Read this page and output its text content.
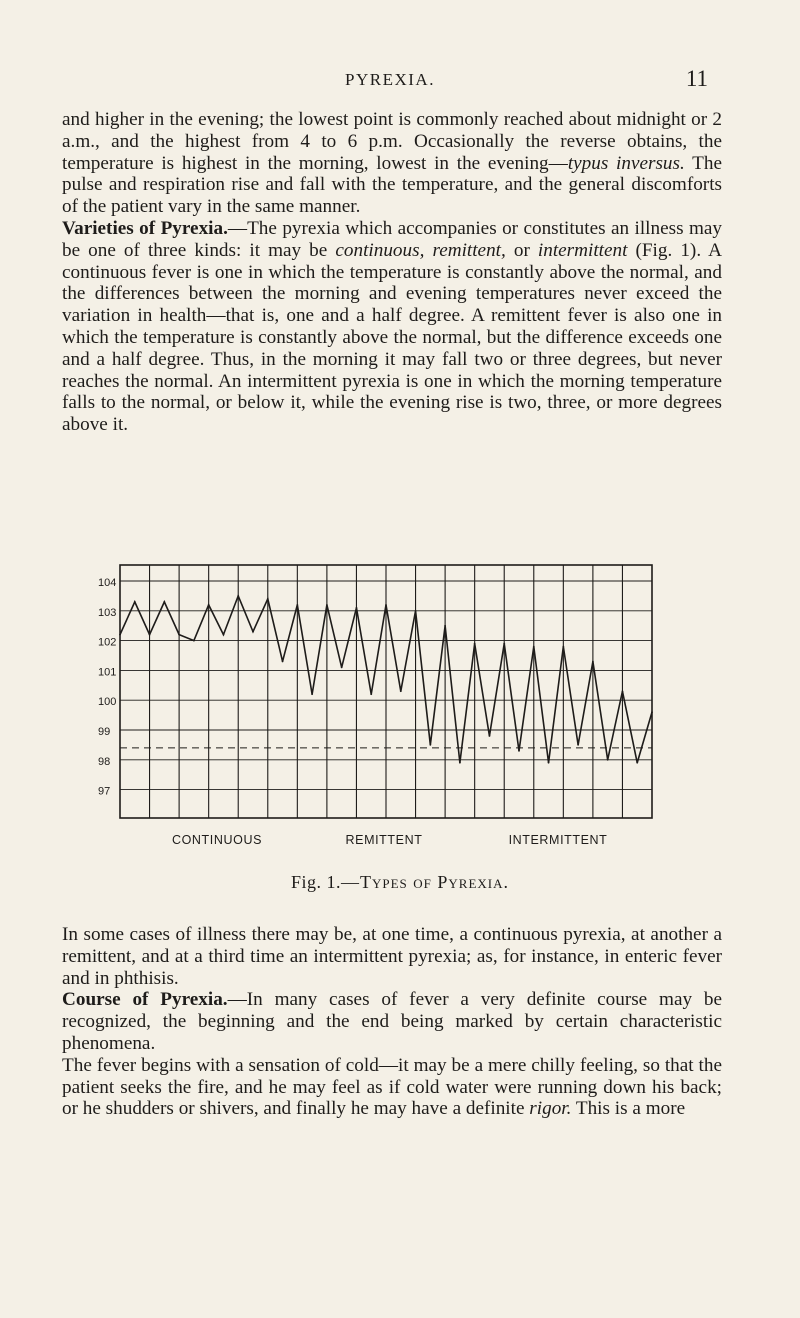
PYREXIA.	11

and higher in the evening; the lowest point is commonly reached about midnight or 2 a.m., and the highest from 4 to 6 p.m. Occasionally the reverse obtains, the temperature is highest in the morning, lowest in the evening—typus inversus. The pulse and respiration rise and fall with the temperature, and the general discomforts of the patient vary in the same manner.

Varieties of Pyrexia.—The pyrexia which accompanies or constitutes an illness may be one of three kinds: it may be continuous, remittent, or intermittent (Fig. 1). A continuous fever is one in which the temperature is constantly above the normal, and the differences between the morning and evening temperatures never exceed the variation in health—that is, one and a half degree. A remittent fever is also one in which the temperature is constantly above the normal, but the difference exceeds one and a half degree. Thus, in the morning it may fall two or three degrees, but never reaches the normal. An intermittent pyrexia is one in which the morning temperature falls to the normal, or below it, while the evening rise is two, three, or more degrees above it.

104
103
102
101
100
99
98
97
CONTINUOUS	REMITTENT	INTERMITTENT
Fig. 1.—Types of Pyrexia.

In some cases of illness there may be, at one time, a continuous pyrexia, at another a remittent, and at a third time an intermittent pyrexia; as, for instance, in enteric fever and in phthisis.

Course of Pyrexia.—In many cases of fever a very definite course may be recognized, the beginning and the end being marked by certain characteristic phenomena.

The fever begins with a sensation of cold—it may be a mere chilly feeling, so that the patient seeks the fire, and he may feel as if cold water were running down his back; or he shudders or shivers, and finally he may have a definite rigor. This is a more
